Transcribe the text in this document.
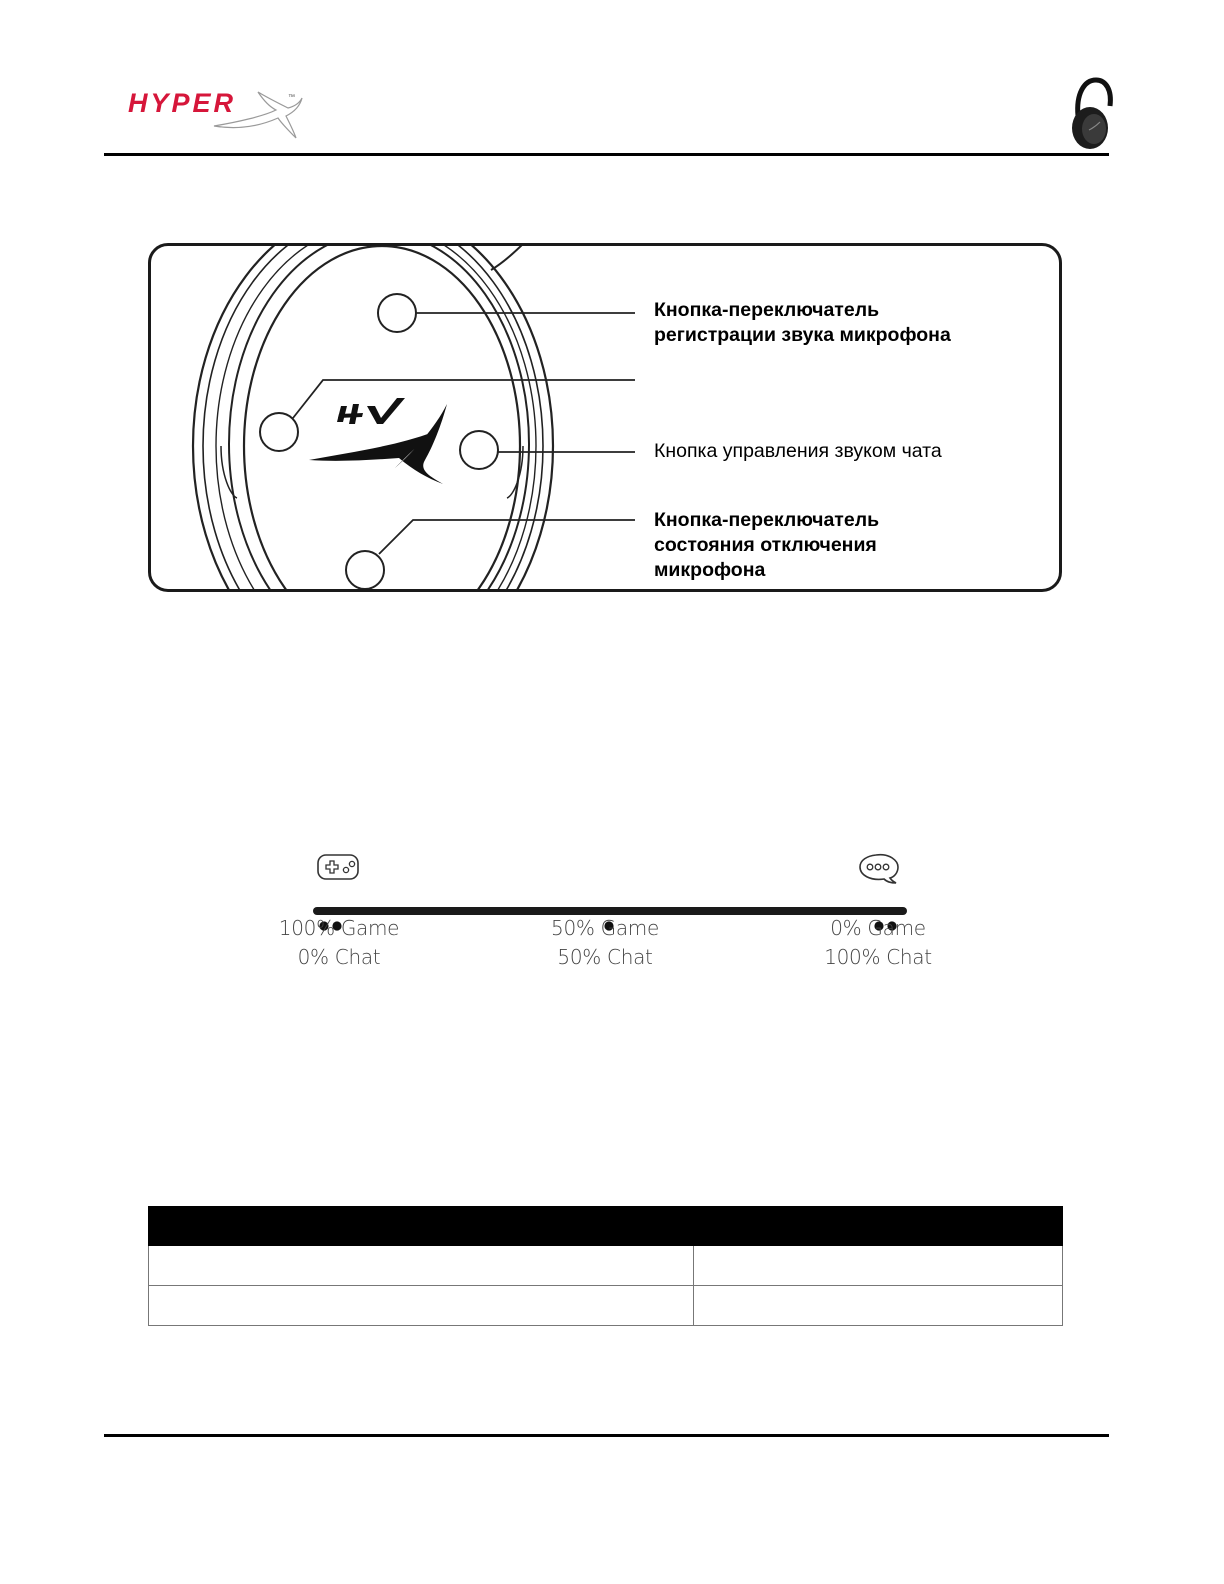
HYPER	™
Кнопка-переключатель
регистрации звука микрофона
Кнопка управления звуком чата
Кнопка-переключатель
состояния отключения
микрофона
100% Game
0% Chat
50% Game
50% Chat
0% Game
100% Chat
